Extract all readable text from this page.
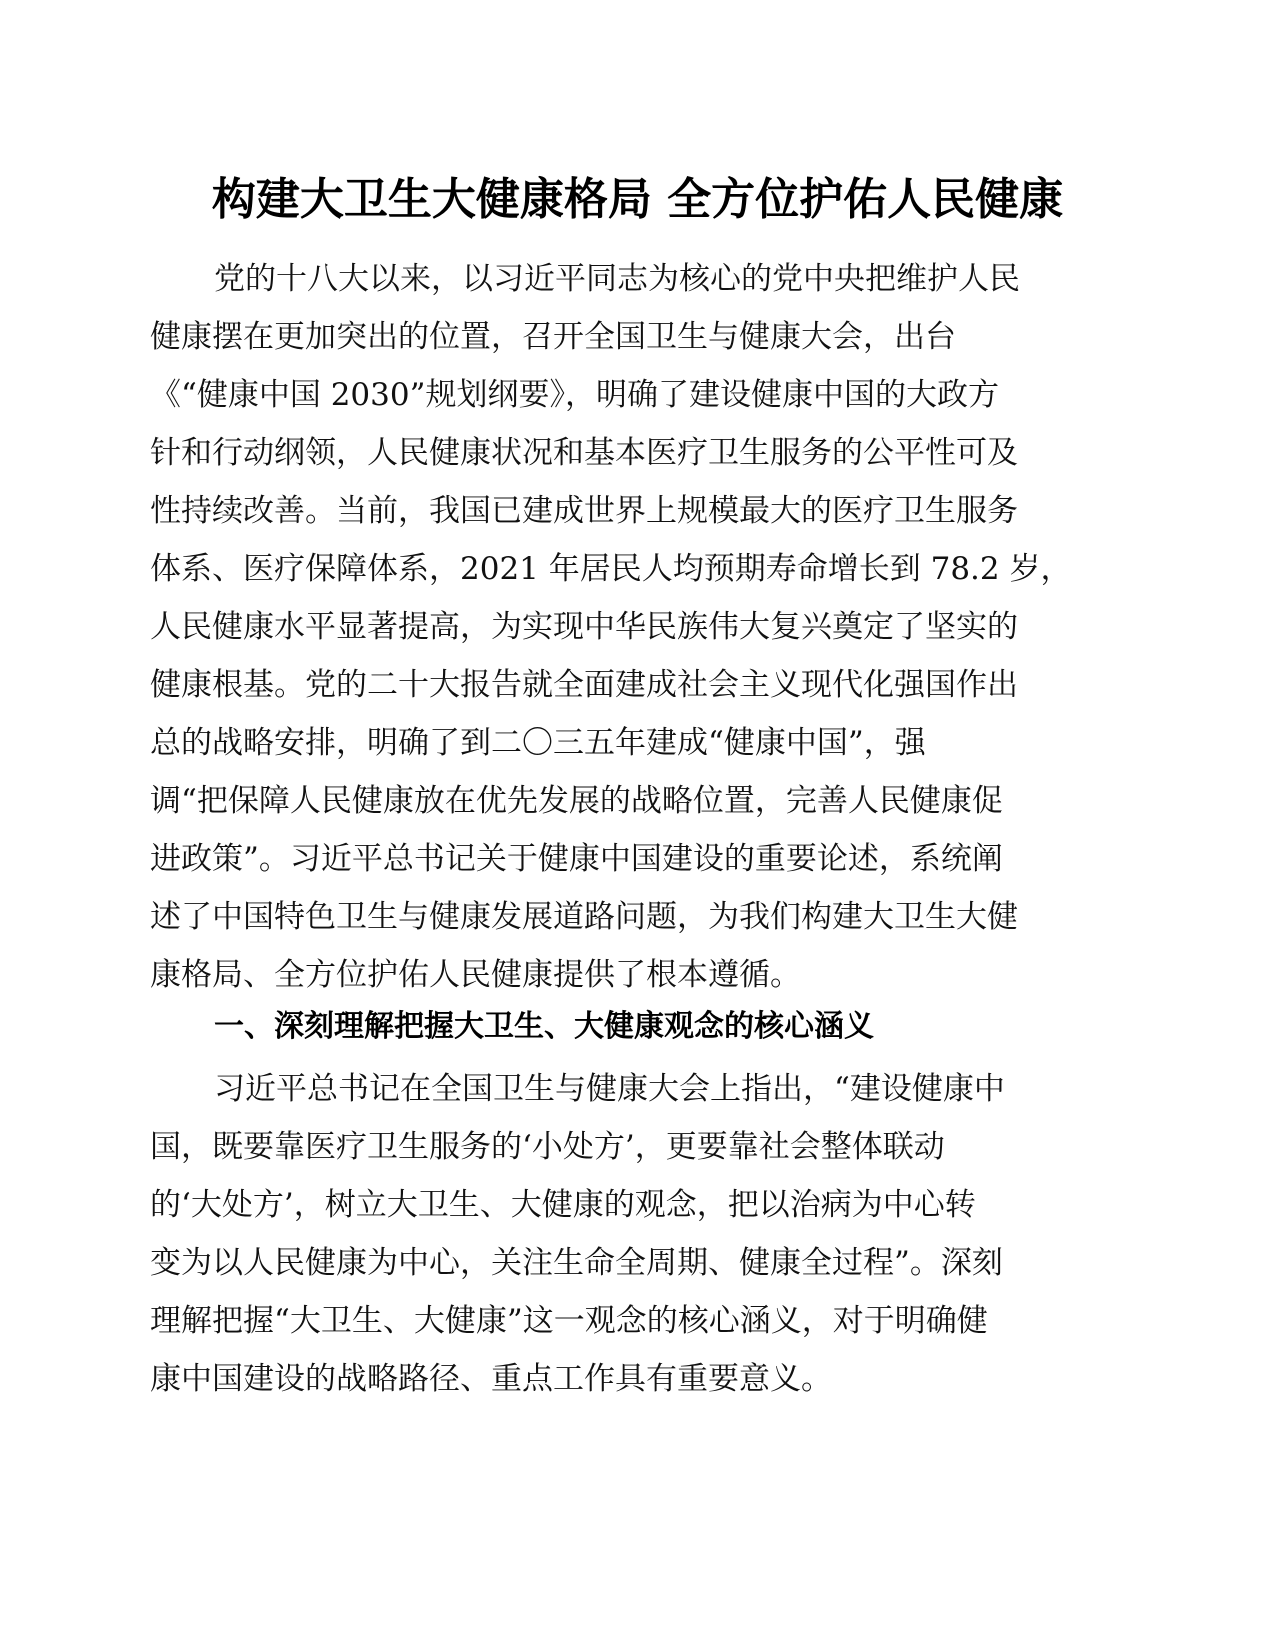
构建大卫生大健康格局 全方位护佑人民健康
党的十八大以来，以习近平同志为核心的党中央把维护人民
健康摆在更加突出的位置，召开全国卫生与健康大会，出台
《“健康中国 2030”规划纲要》，明确了建设健康中国的大政方
针和行动纲领，人民健康状况和基本医疗卫生服务的公平性可及
性持续改善。当前，我国已建成世界上规模最大的医疗卫生服务
体系、医疗保障体系，2021 年居民人均预期寿命增长到 78.2 岁，
人民健康水平显著提高，为实现中华民族伟大复兴奠定了坚实的
健康根基。党的二十大报告就全面建成社会主义现代化强国作出
总的战略安排，明确了到二〇三五年建成“健康中国”，强
调“把保障人民健康放在优先发展的战略位置，完善人民健康促
进政策”。习近平总书记关于健康中国建设的重要论述，系统阐
述了中国特色卫生与健康发展道路问题，为我们构建大卫生大健
康格局、全方位护佑人民健康提供了根本遵循。
一、深刻理解把握大卫生、大健康观念的核心涵义
习近平总书记在全国卫生与健康大会上指出，“建设健康中
国，既要靠医疗卫生服务的‘小处方’，更要靠社会整体联动
的‘大处方’，树立大卫生、大健康的观念，把以治病为中心转
变为以人民健康为中心，关注生命全周期、健康全过程”。深刻
理解把握“大卫生、大健康”这一观念的核心涵义，对于明确健
康中国建设的战略路径、重点工作具有重要意义。
